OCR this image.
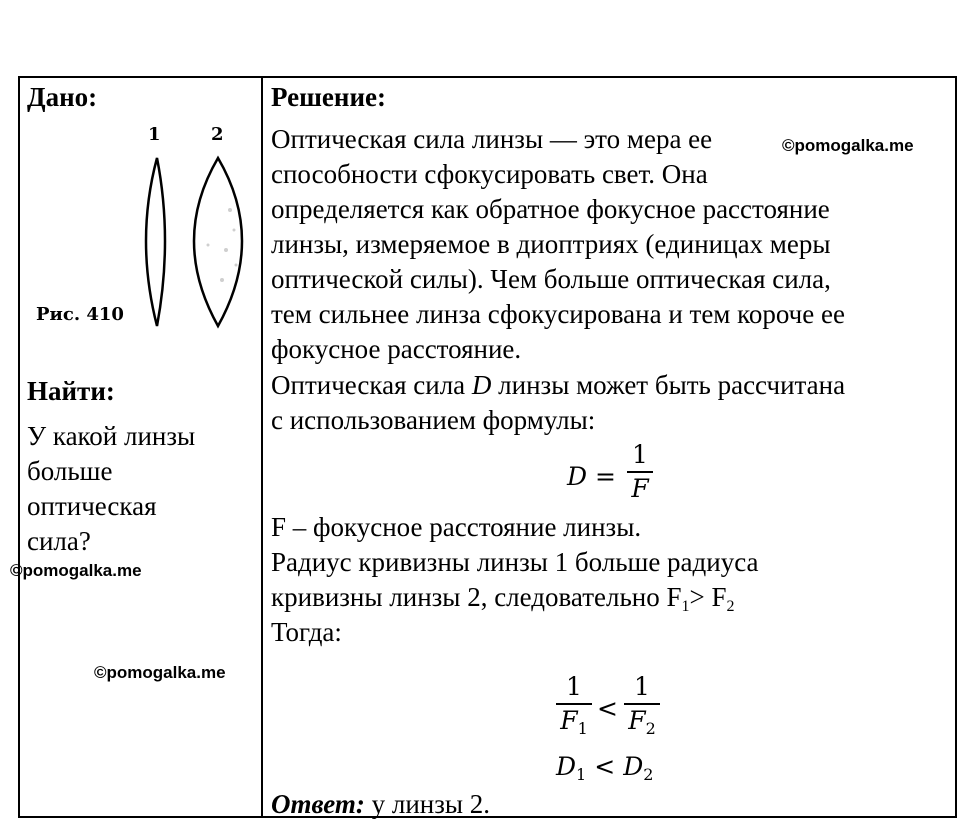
Дано:
1	2
Рис. 410
Найти:
У какой линзы
больше
оптическая
сила?
©pomogalka.me
©pomogalka.me
Решение:
Оптическая сила линзы — это мера ее	©pomogalka.me
способности сфокусировать свет. Она
определяется как обратное фокусное расстояние
линзы, измеряемое в диоптриях (единицах меры
оптической силы). Чем больше оптическая сила,
тем сильнее линза сфокусирована и тем короче ее
фокусное расстояние.
Оптическая сила D линзы может быть рассчитана
с использованием формулы:
D =
1
F
F – фокусное расстояние линзы.
Радиус кривизны линзы 1 больше радиуса
кривизны линзы 2, следовательно $F_1> F_2$
Тогда:
1
$F_1$
<
1
$F_2$
$D_1 < D_2$
Ответ: у линзы 2.
